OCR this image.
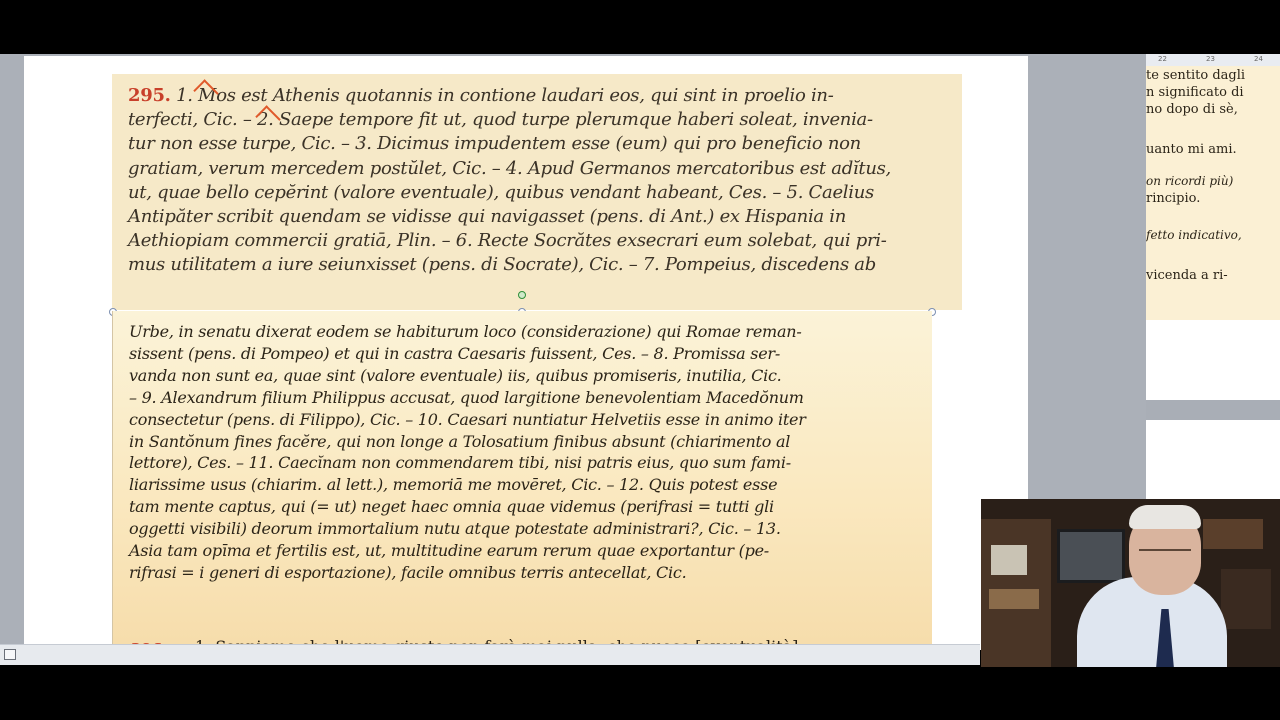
295. 1. Mos est Athenis quotannis in contione laudari eos, qui sint in proelio in-
terfecti, Cic. – 2. Saepe tempore fit ut, quod turpe plerumque haberi soleat, invenia-
tur non esse turpe, Cic. – 3. Dicimus impudentem esse (eum) qui pro beneficio non
gratiam, verum mercedem postŭlet, Cic. – 4. Apud Germanos mercatoribus est adĭtus,
ut, quae bello cepĕrint (valore eventuale), quibus vendant habeant, Ces. – 5. Caelius
Antipăter scribit quendam se vidisse qui navigasset (pens. di Ant.) ex Hispania in
Aethiopiam commercii gratiā, Plin. – 6. Recte Socrătes exsecrari eum solebat, qui pri-
mus utilitatem a iure seiunxisset (pens. di Socrate), Cic. – 7. Pompeius, discedens ab
Urbe, in senatu dixerat eodem se habiturum loco (considerazione) qui Romae reman-
sissent (pens. di Pompeo) et qui in castra Caesaris fuissent, Ces. – 8. Promissa ser-
vanda non sunt ea, quae sint (valore eventuale) iis, quibus promiseris, inutilia, Cic.
– 9. Alexandrum filium Philippus accusat, quod largitione benevolentiam Macedŏnum
consectetur (pens. di Filippo), Cic. – 10. Caesari nuntiatur Helvetiis esse in animo iter
in Santŏnum fines facĕre, qui non longe a Tolosatium finibus absunt (chiarimento al
lettore), Ces. – 11. Caecĭnam non commendarem tibi, nisi patris eius, quo sum fami-
liarissime usus (chiarim. al lett.), memoriā me movēret, Cic. – 12. Quis potest esse
tam mente captus, qui (= ut) neget haec omnia quae videmus (perifrasi = tutti gli
oggetti visibili) deorum immortalium nutu atque potestate administrari?, Cic. – 13.
Asia tam opīma et fertilis est, ut, multitudine earum rerum quae exportantur (pe-
rifrasi = i generi di esportazione), facile omnibus terris antecellat, Cic.
22	23	24
te sentito dagli
n significato di
no dopo di sè,
uanto mi ami.
on ricordi più)
rincipio.
fetto indicativo,
vicenda a ri-
